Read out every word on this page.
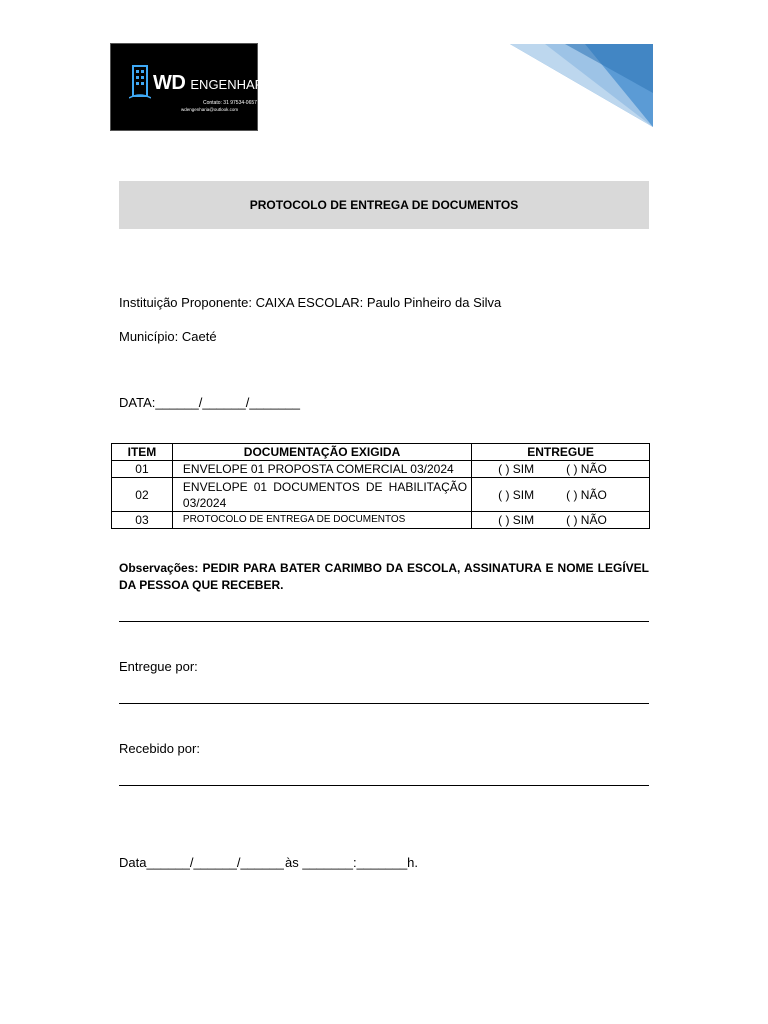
WD ENGENHARIA
Contato: 31 97534-0657
wdengenharia@outlook.com
PROTOCOLO DE ENTREGA DE DOCUMENTOS
Instituição Proponente: CAIXA ESCOLAR: Paulo Pinheiro da Silva
Município: Caeté
DATA:______/______/_______
ITEM	DOCUMENTAÇÃO EXIGIDA	ENTREGUE
01	ENVELOPE 01 PROPOSTA COMERCIAL 03/2024	( ) SIM ( ) NÃO
02	ENVELOPE 01 DOCUMENTOS DE HABILITAÇÃO 03/2024	( ) SIM ( ) NÃO
03	PROTOCOLO DE ENTREGA DE DOCUMENTOS	( ) SIM ( ) NÃO
Observações: PEDIR PARA BATER CARIMBO DA ESCOLA, ASSINATURA E NOME LEGÍVEL DA PESSOA QUE RECEBER.
Entregue por:
Recebido por:
Data______/______/______ às _______:_______h.
